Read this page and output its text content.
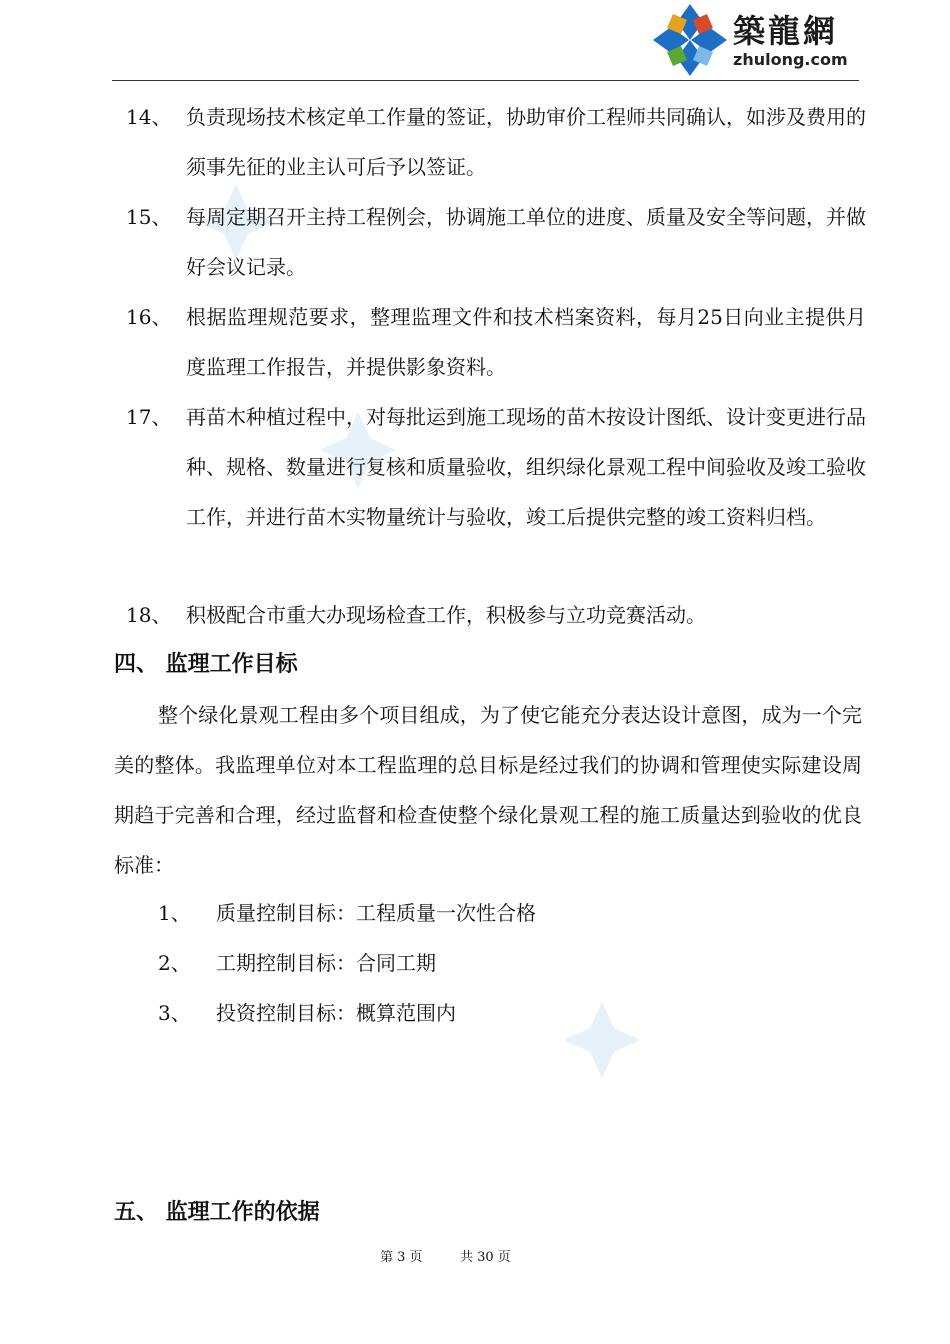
築龍網
zhulong.com
14、 负责现场技术核定单工作量的签证，协助审价工程师共同确认，如涉及费用的须事先征的业主认可后予以签证。
15、 每周定期召开主持工程例会，协调施工单位的进度、质量及安全等问题，并做好会议记录。
16、 根据监理规范要求，整理监理文件和技术档案资料，每月25日向业主提供月度监理工作报告，并提供影象资料。
17、 再苗木种植过程中，对每批运到施工现场的苗木按设计图纸、设计变更进行品种、规格、数量进行复核和质量验收，组织绿化景观工程中间验收及竣工验收工作，并进行苗木实物量统计与验收，竣工后提供完整的竣工资料归档。
18、 积极配合市重大办现场检查工作，积极参与立功竞赛活动。
四、 监理工作目标
整个绿化景观工程由多个项目组成，为了使它能充分表达设计意图，成为一个完美的整体。我监理单位对本工程监理的总目标是经过我们的协调和管理使实际建设周期趋于完善和合理，经过监督和检查使整个绿化景观工程的施工质量达到验收的优良标准：
1、 质量控制目标：工程质量一次性合格
2、 工期控制目标：合同工期
3、 投资控制目标：概算范围内
五、 监理工作的依据
第 3 页	共 30 页
